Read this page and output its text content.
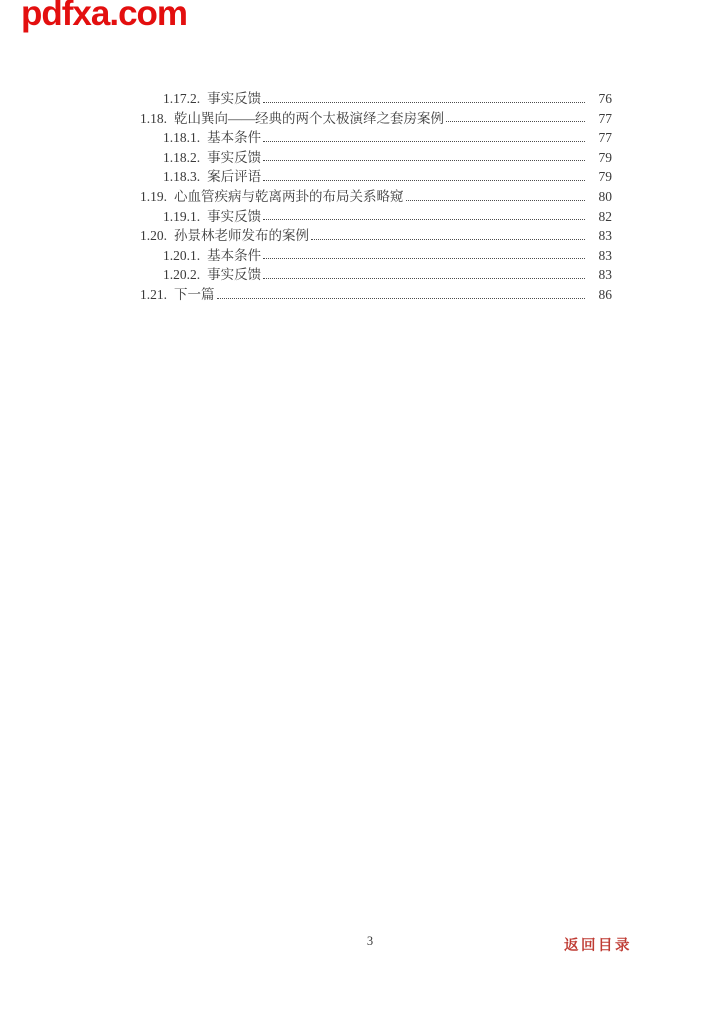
pdfxa.com
1.17.2. 事实反馈	76
1.18. 乾山巽向——经典的两个太极演绎之套房案例	77
1.18.1. 基本条件	77
1.18.2. 事实反馈	79
1.18.3. 案后评语	79
1.19. 心血管疾病与乾离两卦的布局关系略窥	80
1.19.1. 事实反馈	82
1.20. 孙景林老师发布的案例	83
1.20.1. 基本条件	83
1.20.2. 事实反馈	83
1.21. 下一篇	86
3	返回目录
